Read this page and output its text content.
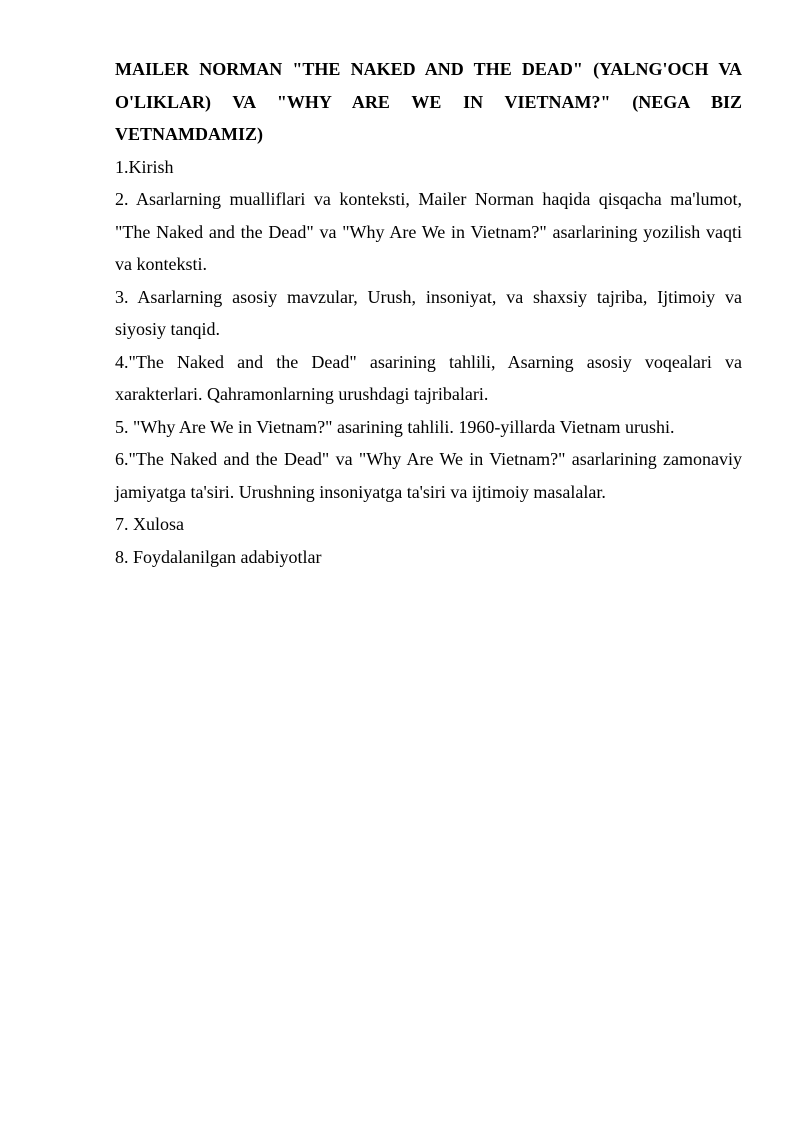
MAILER NORMAN "THE NAKED AND THE DEAD" (YALNG'OCH VA O'LIKLAR) VA "WHY ARE WE IN VIETNAM?" (NEGA BIZ VETNAMDAMIZ)

1.Kirish
2. Asarlarning mualliflari va konteksti, Mailer Norman haqida qisqacha ma'lumot, "The Naked and the Dead" va "Why Are We in Vietnam?" asarlarining yozilish vaqti va konteksti.
3. Asarlarning asosiy mavzular, Urush, insoniyat, va shaxsiy tajriba, Ijtimoiy va siyosiy tanqid.
4."The Naked and the Dead" asarining tahlili, Asarning asosiy voqealari va xarakterlari. Qahramonlarning urushdagi tajribalari.
5. "Why Are We in Vietnam?" asarining tahlili. 1960-yillarda Vietnam urushi.
6."The Naked and the Dead" va "Why Are We in Vietnam?" asarlarining zamonaviy jamiyatga ta'siri. Urushning insoniyatga ta'siri va ijtimoiy masalalar.
7. Xulosa
8. Foydalanilgan adabiyotlar
